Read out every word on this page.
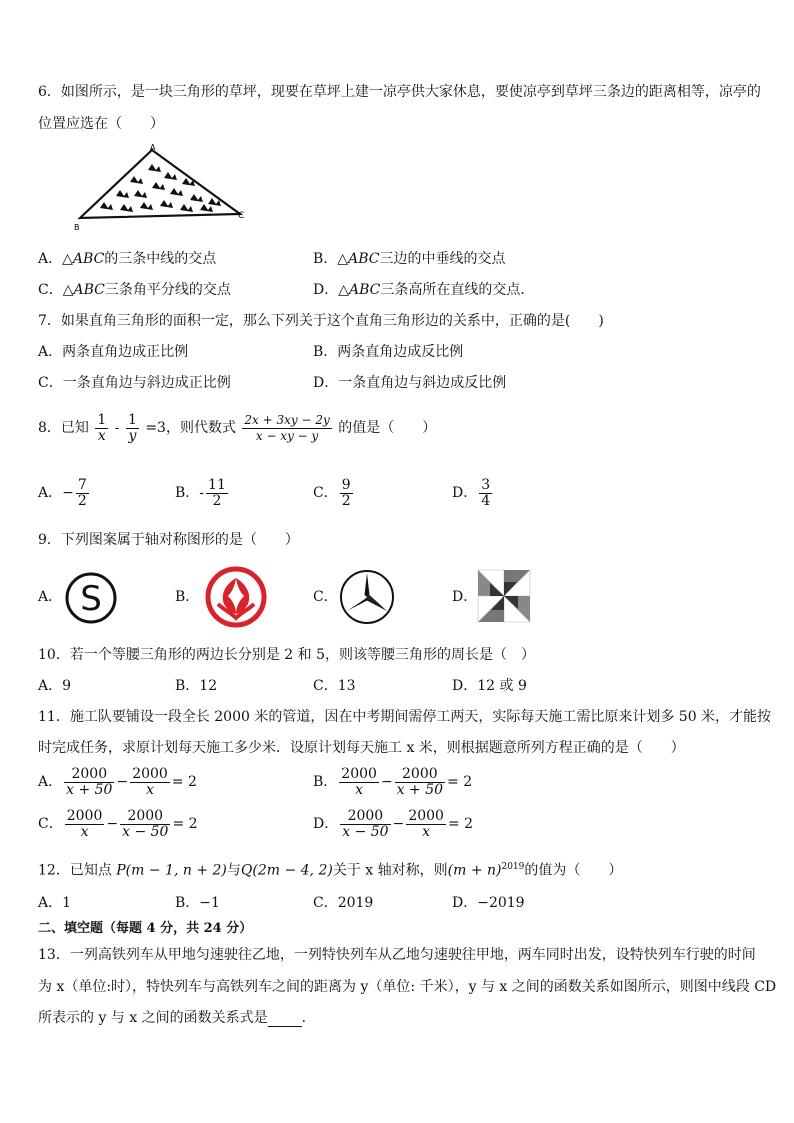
6．如图所示，是一块三角形的草坪，现要在草坪上建一凉亭供大家休息，要使凉亭到草坪三条边的距离相等，凉亭的
位置应选在（　　）
A
B
C
A．△ABC的三条中线的交点	B．△ABC三边的中垂线的交点
C．△ABC三条角平分线的交点	D．△ABC三条高所在直线的交点.
7．如果直角三角形的面积一定，那么下列关于这个直角三角形边的关系中，正确的是(　　)
A．两条直角边成正比例	B．两条直角边成反比例
C．一条直角边与斜边成正比例	D．一条直角边与斜边成反比例
8．已知 $\frac{1}{x} - \frac{1}{y} =3$，则代数式 $\frac{2x + 3xy - 2y}{x - xy - y}$ 的值是（　　）
A．− $\frac{7}{2}$	B．- $\frac{11}{2}$	C． $\frac{9}{2}$	D． $\frac{3}{4}$
9．下列图案属于轴对称图形的是（　　）
A． S	B．	C．	D．
10．若一个等腰三角形的两边长分别是 2 和 5，则该等腰三角形的周长是（　）
A．9	B．12	C．13	D．12 或 9
11．施工队要铺设一段全长 2000 米的管道，因在中考期间需停工两天，实际每天施工需比原来计划多 50 米，才能按
时完成任务，求原计划每天施工多少米．设原计划每天施工 x 米，则根据题意所列方程正确的是（　　）
A． $\frac{2000}{x + 50} - \frac{2000}{x} = 2$	B． $\frac{2000}{x} - \frac{2000}{x + 50} = 2$
C． $\frac{2000}{x} - \frac{2000}{x - 50} = 2$	D． $\frac{2000}{x - 50} - \frac{2000}{x} = 2$
12．已知点 P(m − 1, n + 2)与Q(2m − 4, 2)关于 x 轴对称，则$(m + n)^{2019}$的值为（　　）
A．1	B．−1	C．2019	D．−2019
二、填空题（每题 4 分，共 24 分）
13．一列高铁列车从甲地匀速驶往乙地，一列特快列车从乙地匀速驶往甲地，两车同时出发，设特快列车行驶的时间
为 x（单位:时），特快列车与高铁列车之间的距离为 y（单位: 千米），y 与 x 之间的函数关系如图所示，则图中线段 CD
所表示的 y 与 x 之间的函数关系式是 ．
